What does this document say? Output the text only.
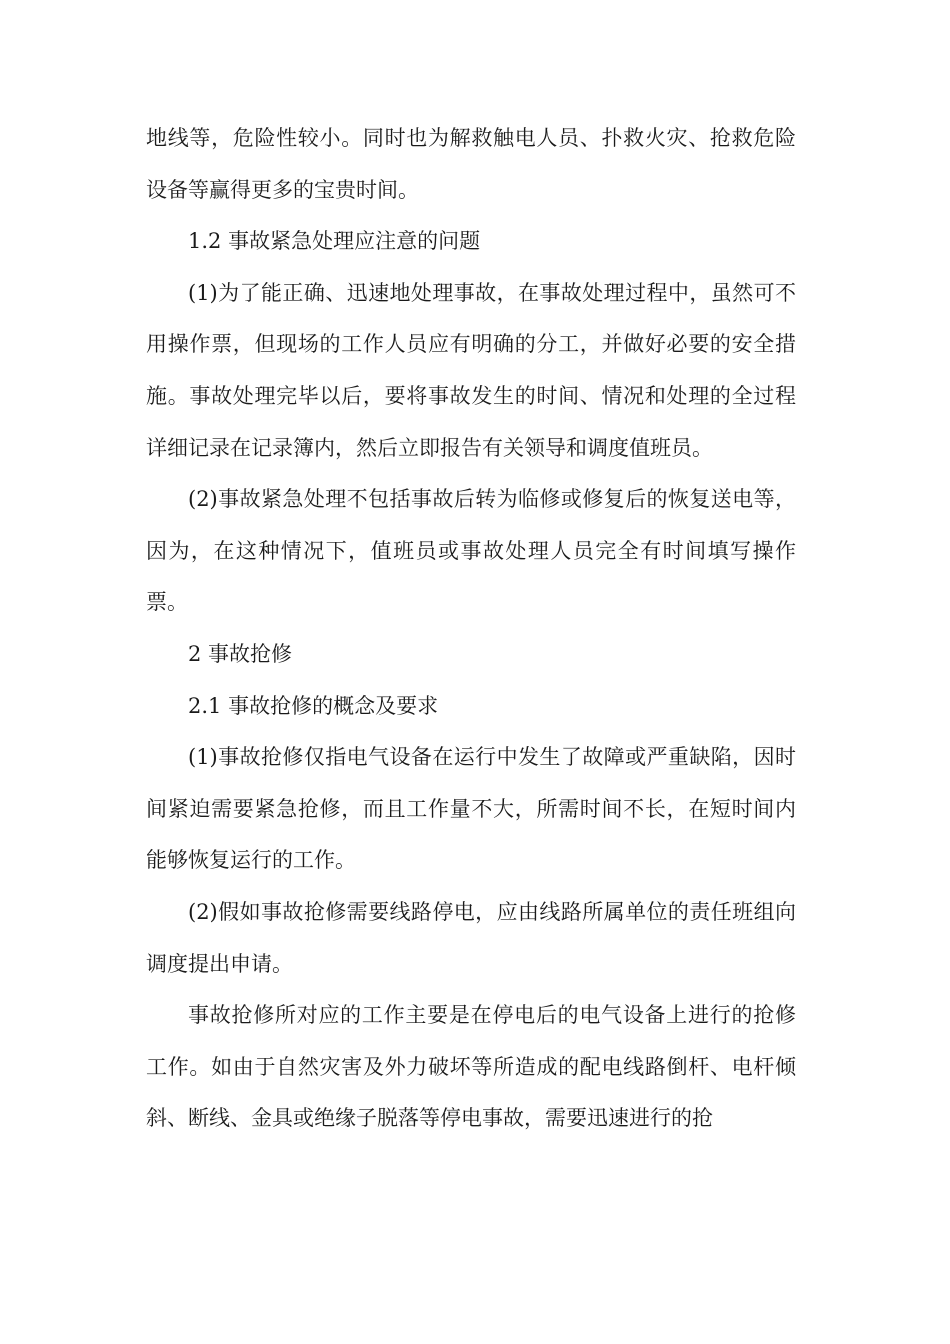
地线等，危险性较小。同时也为解救触电人员、扑救火灾、抢救危险设备等赢得更多的宝贵时间。

1.2 事故紧急处理应注意的问题

(1)为了能正确、迅速地处理事故，在事故处理过程中，虽然可不用操作票，但现场的工作人员应有明确的分工，并做好必要的安全措施。事故处理完毕以后，要将事故发生的时间、情况和处理的全过程详细记录在记录簿内，然后立即报告有关领导和调度值班员。

(2)事故紧急处理不包括事故后转为临修或修复后的恢复送电等，因为，在这种情况下，值班员或事故处理人员完全有时间填写操作票。

2 事故抢修

2.1 事故抢修的概念及要求

(1)事故抢修仅指电气设备在运行中发生了故障或严重缺陷，因时间紧迫需要紧急抢修，而且工作量不大，所需时间不长，在短时间内能够恢复运行的工作。

(2)假如事故抢修需要线路停电，应由线路所属单位的责任班组向调度提出申请。

事故抢修所对应的工作主要是在停电后的电气设备上进行的抢修工作。如由于自然灾害及外力破坏等所造成的配电线路倒杆、电杆倾斜、断线、金具或绝缘子脱落等停电事故，需要迅速进行的抢
